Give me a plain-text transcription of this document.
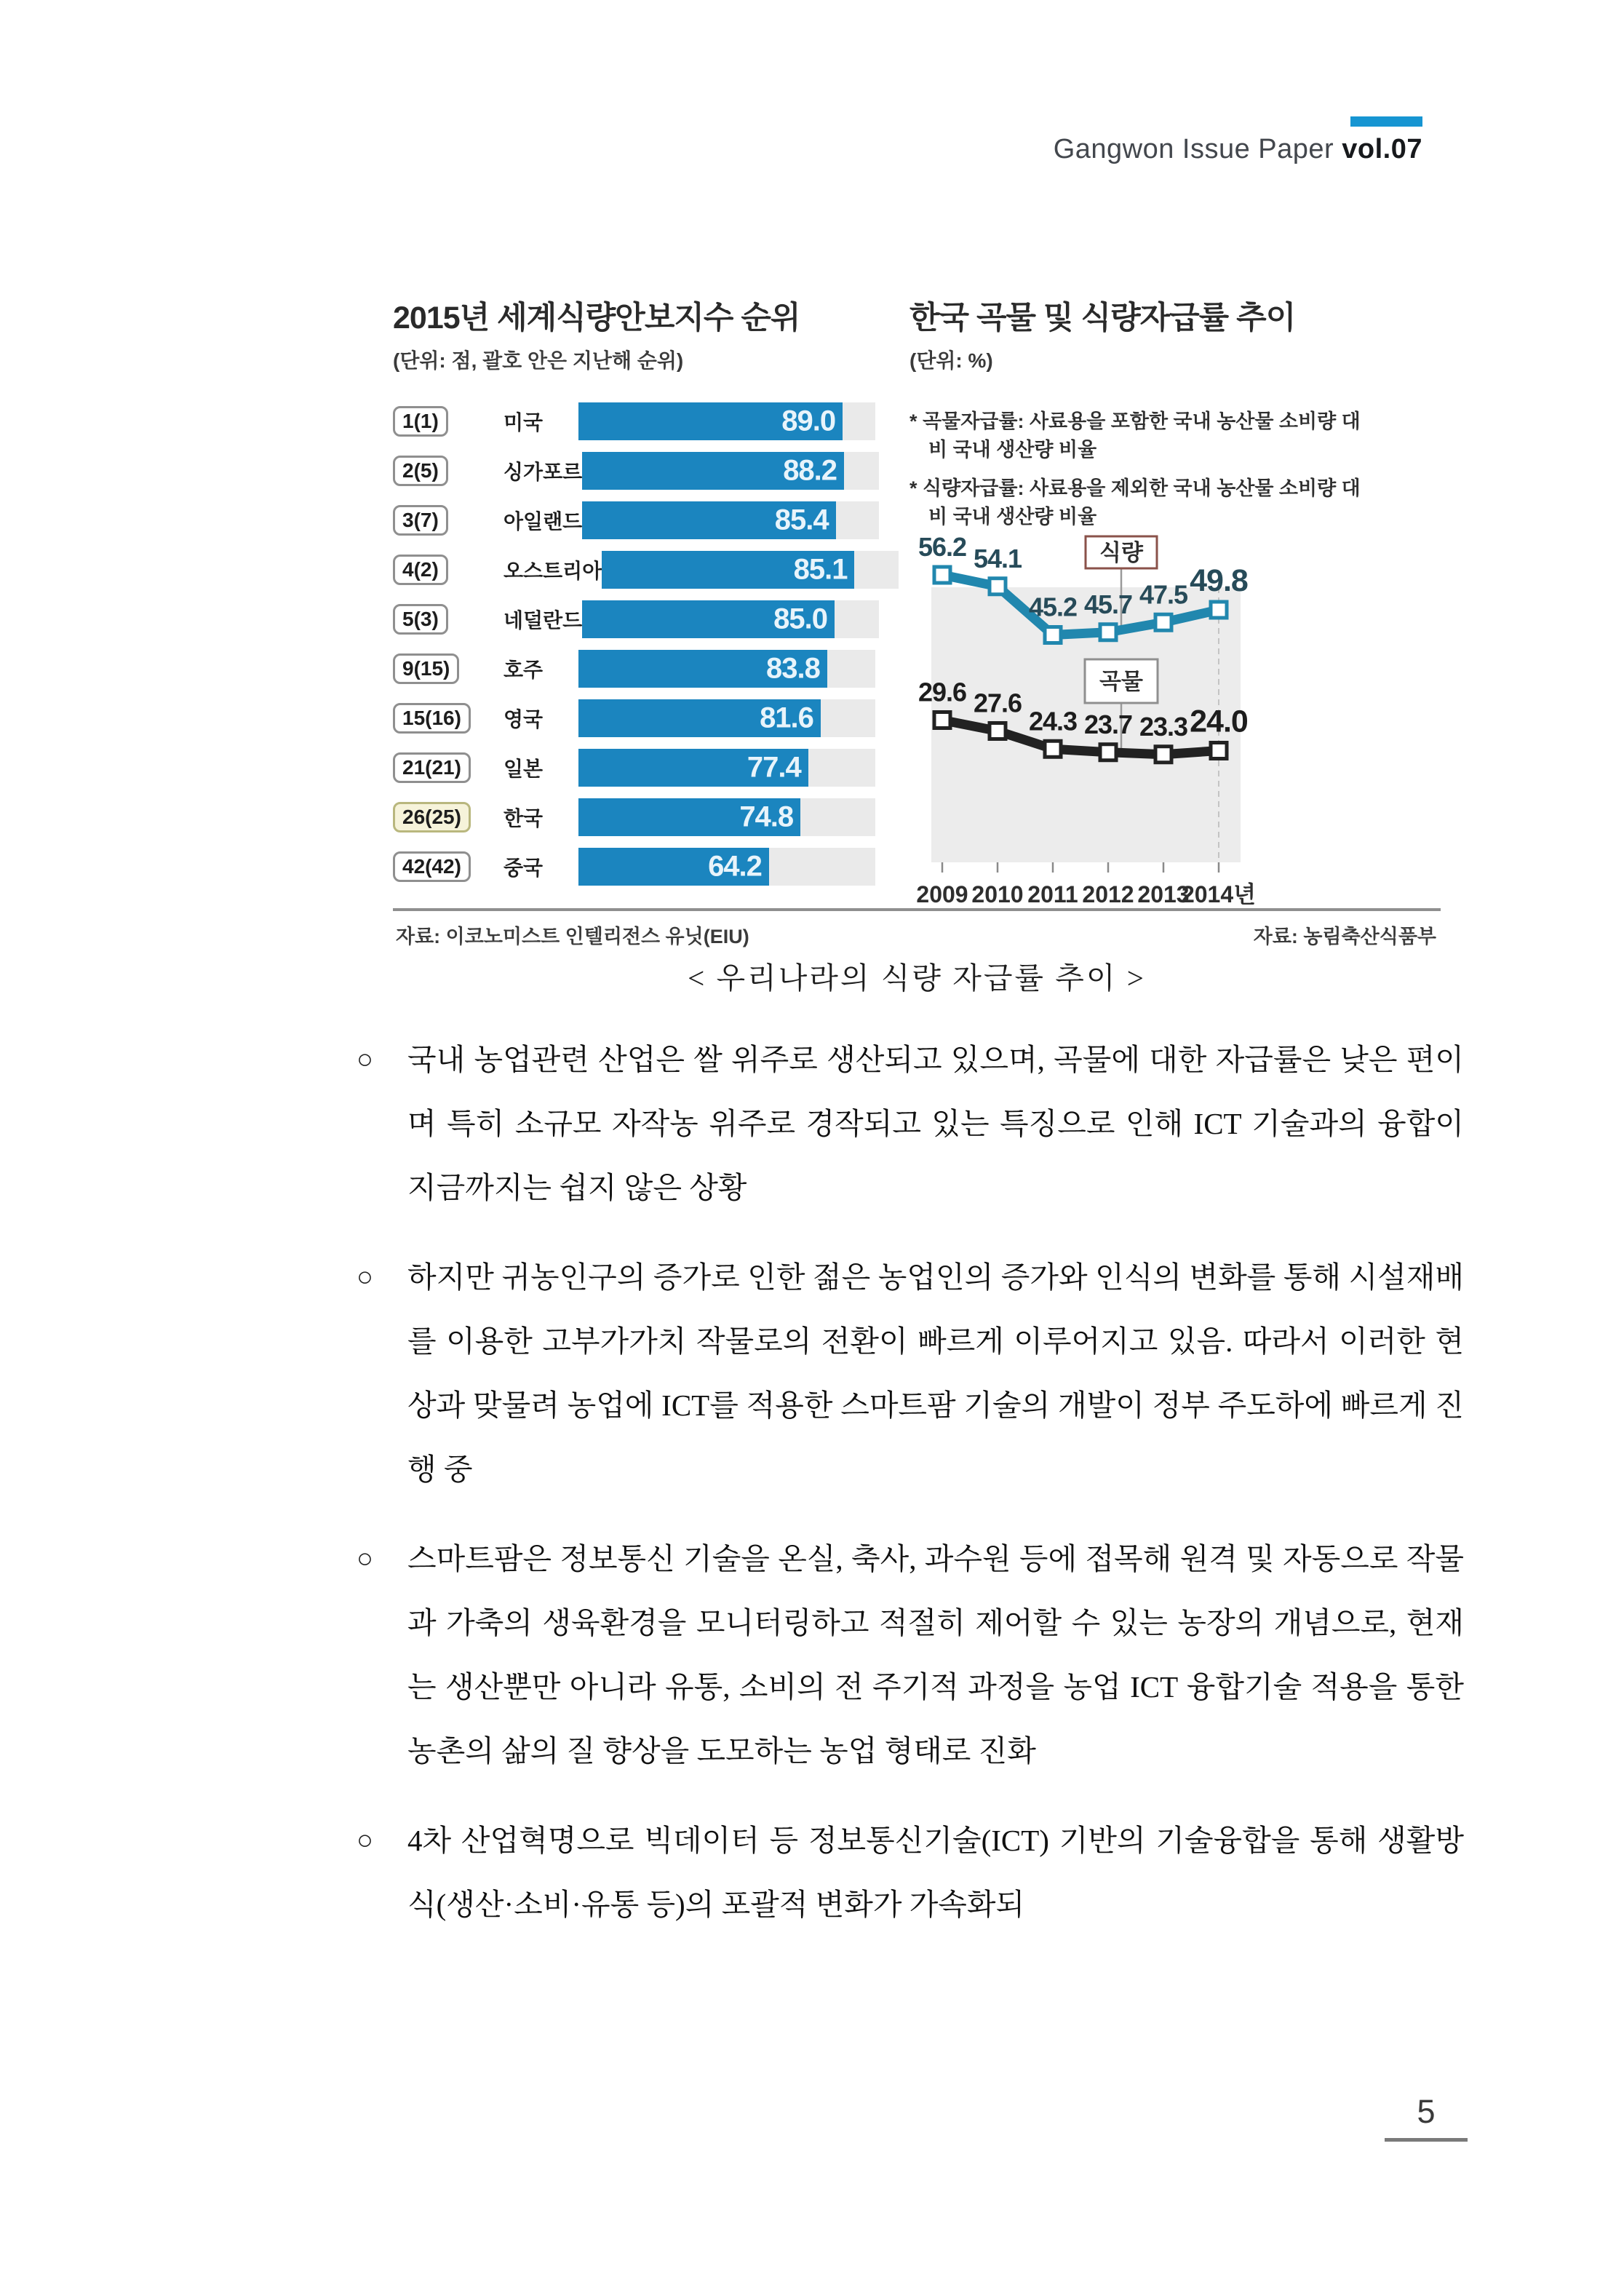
Gangwon Issue Paper vol.07
2015년 세계식량안보지수 순위
(단위: 점, 괄호 안은 지난해 순위)
1(1)	미국	89.0
2(5)	싱가포르	88.2
3(7)	아일랜드	85.4
4(2)	오스트리아	85.1
5(3)	네덜란드	85.0
9(15)	호주	83.8
15(16)	영국	81.6
21(21)	일본	77.4
26(25)	한국	74.8
42(42)	중국	64.2
한국 곡물 및 식량자급률 추이
(단위: %)
* 곡물자급률: 사료용을 포함한 국내 농산물 소비량 대비 국내 생산량 비율
* 식량자급률: 사료용을 제외한 국내 농산물 소비량 대비 국내 생산량 비율
2009 2010 2011 2012 2013
2014년
56.2 54.1
45.2 45.7 47.5 49.8
29.6 27.6
24.3 23.7 23.3 24.0
식량
곡물
자료: 이코노미스트 인텔리전스 유닛(EIU)	자료: 농림축산식품부
< 우리나라의 식량 자급률 추이 >
○	국내 농업관련 산업은 쌀 위주로 생산되고 있으며, 곡물에 대한 자급률은 낮은 편이며 특히 소규모 자작농 위주로 경작되고 있는 특징으로 인해 ICT 기술과의 융합이 지금까지는 쉽지 않은 상황
○	하지만 귀농인구의 증가로 인한 젊은 농업인의 증가와 인식의 변화를 통해 시설재배를 이용한 고부가가치 작물로의 전환이 빠르게 이루어지고 있음. 따라서 이러한 현상과 맞물려 농업에 ICT를 적용한 스마트팜 기술의 개발이 정부 주도하에 빠르게 진행 중
○	스마트팜은 정보통신 기술을 온실, 축사, 과수원 등에 접목해 원격 및 자동으로 작물과 가축의 생육환경을 모니터링하고 적절히 제어할 수 있는 농장의 개념으로, 현재는 생산뿐만 아니라 유통, 소비의 전 주기적 과정을 농업 ICT 융합기술 적용을 통한 농촌의 삶의 질 향상을 도모하는 농업 형태로 진화
○	4차 산업혁명으로 빅데이터 등 정보통신기술(ICT) 기반의 기술융합을 통해 생활방식(생산·소비·유통 등)의 포괄적 변화가 가속화되
5
